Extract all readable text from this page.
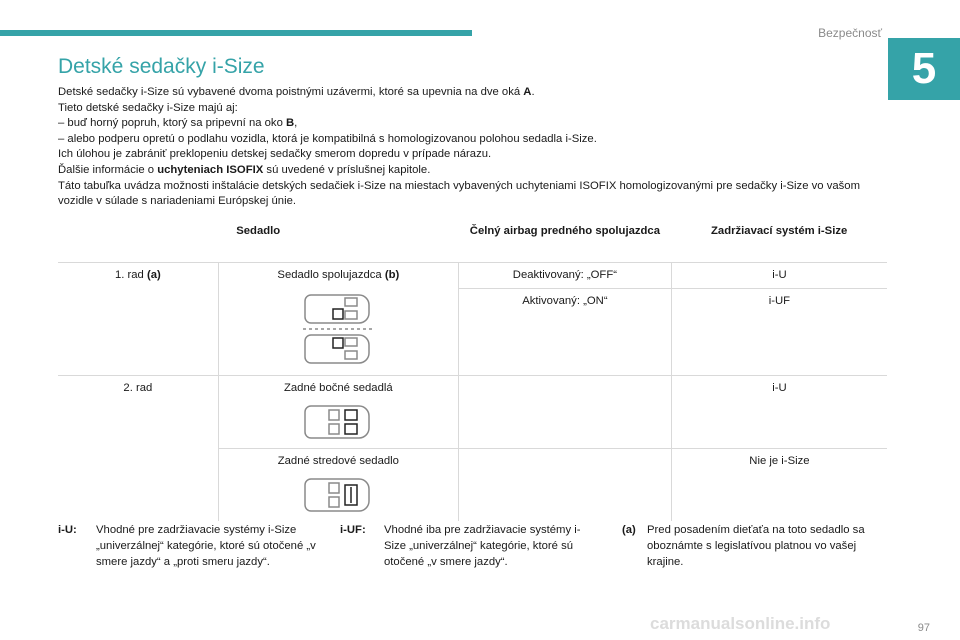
Bezpečnosť
5
Detské sedačky i-Size

Detské sedačky i-Size sú vybavené dvoma poistnými uzávermi, ktoré sa upevnia na dve oká A.

Tieto detské sedačky i-Size majú aj:

– buď horný popruh, ktorý sa pripevní na oko B,

– alebo podperu opretú o podlahu vozidla, ktorá je kompatibilná s homologizovanou polohou sedadla i-Size.

Ich úlohou je zabrániť preklopeniu detskej sedačky smerom dopredu v prípade nárazu.

Ďalšie informácie o uchyteniach ISOFIX sú uvedené v príslušnej kapitole.

Táto tabuľka uvádza možnosti inštalácie detských sedačiek i-Size na miestach vybavených uchyteniami ISOFIX homologizovanými pre sedačky i-Size vo vašom vozidle v súlade s nariadeniami Európskej únie.

Sedadlo		Čelný airbag predného spolujazdca	Zadržiavací systém i-Size
1. rad (a)	Sedadlo spolujazdca (b)	Deaktivovaný: „OFF“	i-U
		Aktivovaný: „ON“	i-UF
2. rad	Zadné bočné sedadlá		i-U
	Zadné stredové sedadlo		Nie je i-Size
i-U: Vhodné pre zadržiavacie systémy i-Size „univerzálnej“ kategórie, ktoré sú otočené „v smere jazdy“ a „proti smeru jazdy“.
i-UF: Vhodné iba pre zadržiavacie systémy i-Size „univerzálnej“ kategórie, ktoré sú otočené „v smere jazdy“.
(a) Pred posadením dieťaťa na toto sedadlo sa oboznámte s legislatívou platnou vo vašej krajine.
carmanualsonline.info	97
